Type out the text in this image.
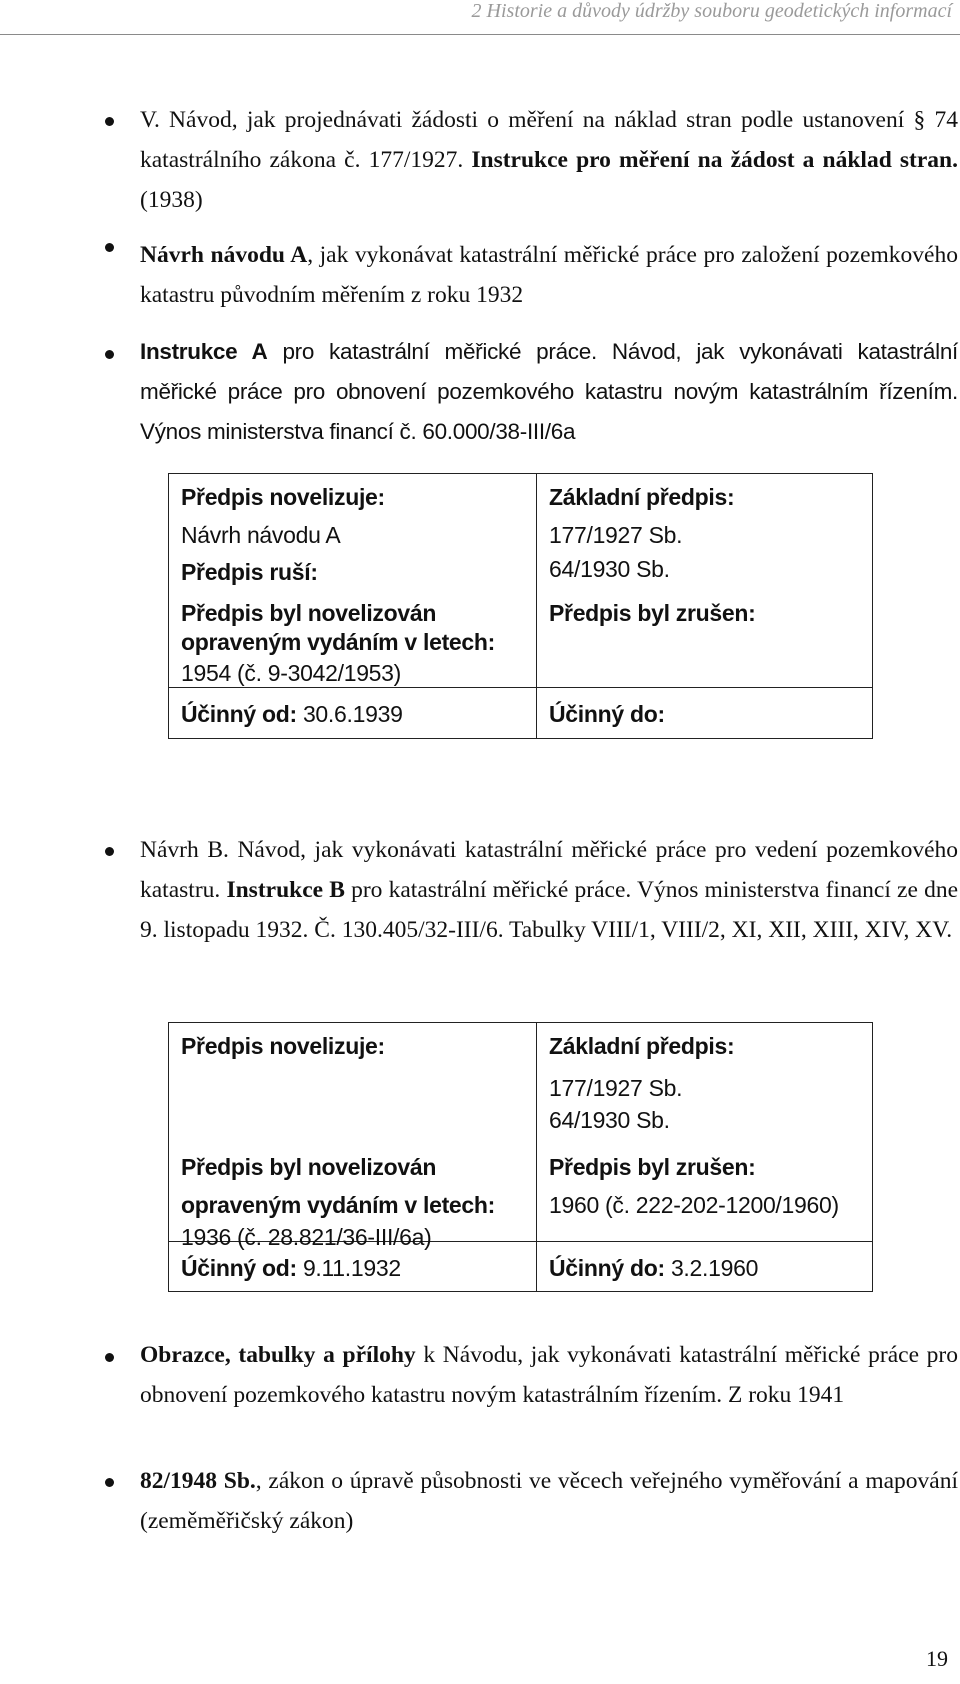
2 Historie a důvody údržby souboru geodetických informací
V. Návod, jak projednávati žádosti o měření na náklad stran podle ustanovení § 74 katastrálního zákona č. 177/1927. Instrukce pro měření na žádost a náklad stran. (1938)
Návrh návodu A, jak vykonávat katastrální měřické práce pro založení pozemkového katastru původním měřením z roku 1932
Instrukce A pro katastrální měřické práce. Návod, jak vykonávati katastrální měřické práce pro obnovení pozemkového katastru novým katastrálním řízením. Výnos ministerstva financí č. 60.000/38-III/6a
Předpis novelizuje:
Návrh návodu A
Předpis ruší:
Předpis byl novelizován
opraveným vydáním v letech:
1954 (č. 9-3042/1953)
Základní předpis:
177/1927 Sb.
64/1930 Sb.
Předpis byl zrušen:
Účinný od: 30.6.1939	Účinný do:
Návrh B. Návod, jak vykonávati katastrální měřické práce pro vedení pozemkového katastru. Instrukce B pro katastrální měřické práce. Výnos ministerstva financí ze dne 9. listopadu 1932. Č. 130.405/32-III/6. Tabulky VIII/1, VIII/2, XI, XII, XIII, XIV, XV.
Předpis novelizuje:
Předpis byl novelizován
opraveným vydáním v letech:
1936 (č. 28.821/36-III/6a)
Základní předpis:
177/1927 Sb.
64/1930 Sb.
Předpis byl zrušen:
1960 (č. 222-202-1200/1960)
Účinný od: 9.11.1932	Účinný do: 3.2.1960
Obrazce, tabulky a přílohy k Návodu, jak vykonávati katastrální měřické práce pro obnovení pozemkového katastru novým katastrálním řízením. Z roku 1941
82/1948 Sb., zákon o úpravě působnosti ve věcech veřejného vyměřování a mapování (zeměměřičský zákon)
19
